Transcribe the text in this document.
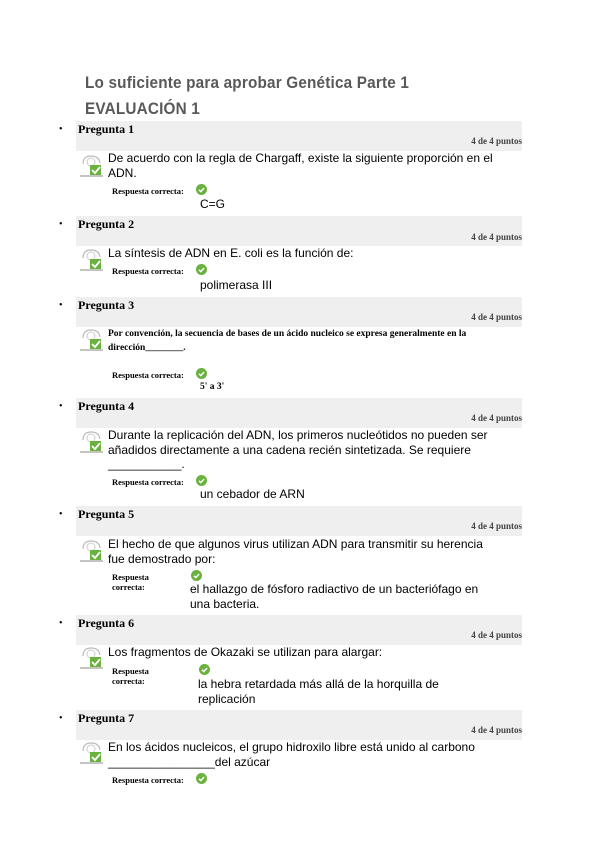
Lo suficiente para aprobar Genética Parte 1
EVALUACIÓN 1
• Pregunta 1
4 de 4 puntos
De acuerdo con la regla de Chargaff, existe la siguiente proporción en el ADN.
Respuesta correcta:
C=G
• Pregunta 2
4 de 4 puntos
La síntesis de ADN en E. coli es la función de:
Respuesta correcta:
polimerasa III
• Pregunta 3
4 de 4 puntos
Por convención, la secuencia de bases de un ácido nucleico se expresa generalmente en la dirección________.
Respuesta correcta:
5' a 3'
• Pregunta 4
4 de 4 puntos
Durante la replicación del ADN, los primeros nucleótidos no pueden ser añadidos directamente a una cadena recién sintetizada. Se requiere ___________.
Respuesta correcta:
un cebador de ARN
• Pregunta 5
4 de 4 puntos
El hecho de que algunos virus utilizan ADN para transmitir su herencia fue demostrado por:
Respuesta
correcta:	el hallazgo de fósforo radiactivo de un bacteriófago en una bacteria.
• Pregunta 6
4 de 4 puntos
Los fragmentos de Okazaki se utilizan para alargar:
Respuesta
correcta:	la hebra retardada más allá de la horquilla de replicación
• Pregunta 7
4 de 4 puntos
En los ácidos nucleicos, el grupo hidroxilo libre está unido al carbono ________________del azúcar
Respuesta correcta:
